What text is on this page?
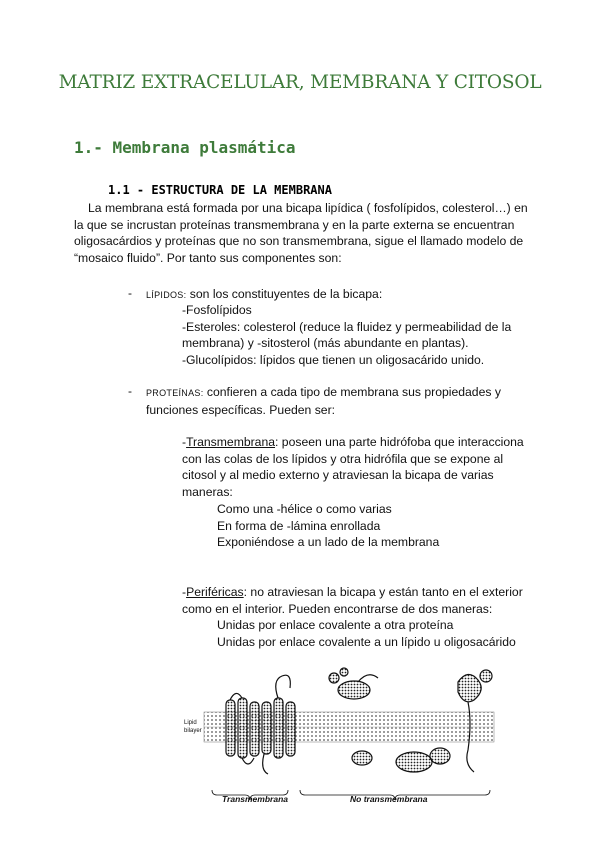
MATRIZ EXTRACELULAR, MEMBRANA Y CITOSOL
1.- Membrana plasmática
1.1 - ESTRUCTURA DE LA MEMBRANA
La membrana está formada por una bicapa lipídica ( fosfolípidos, colesterol…) en
la que se incrustan proteínas transmembrana y en la parte externa se encuentran
oligosacárdios y proteínas que no son transmembrana, sigue el llamado modelo de
“mosaico fluido”. Por tanto sus componentes son:
- LÍPIDOS: son los constituyentes de la bicapa:
-Fosfolípidos
-Esteroles: colesterol (reduce la fluidez y permeabilidad de la
membrana) y -sitosterol (más abundante en plantas).
-Glucolípidos: lípidos que tienen un oligosacárido unido.
- PROTEÍNAS: confieren a cada tipo de membrana sus propiedades y
funciones específicas. Pueden ser:
-Transmembrana: poseen una parte hidrófoba que interacciona
con las colas de los lípidos y otra hidrófila que se expone al
citosol y al medio externo y atraviesan la bicapa de varias
maneras:
Como una -hélice o como varias
En forma de -lámina enrollada
Exponiéndose a un lado de la membrana
-Periféricas: no atraviesan la bicapa y están tanto en el exterior
como en el interior. Pueden encontrarse de dos maneras:
Unidas por enlace covalente a otra proteína
Unidas por enlace covalente a un lípido u oligosacárido
Lipid
bilayer
Transmembrana	No transmembrana
